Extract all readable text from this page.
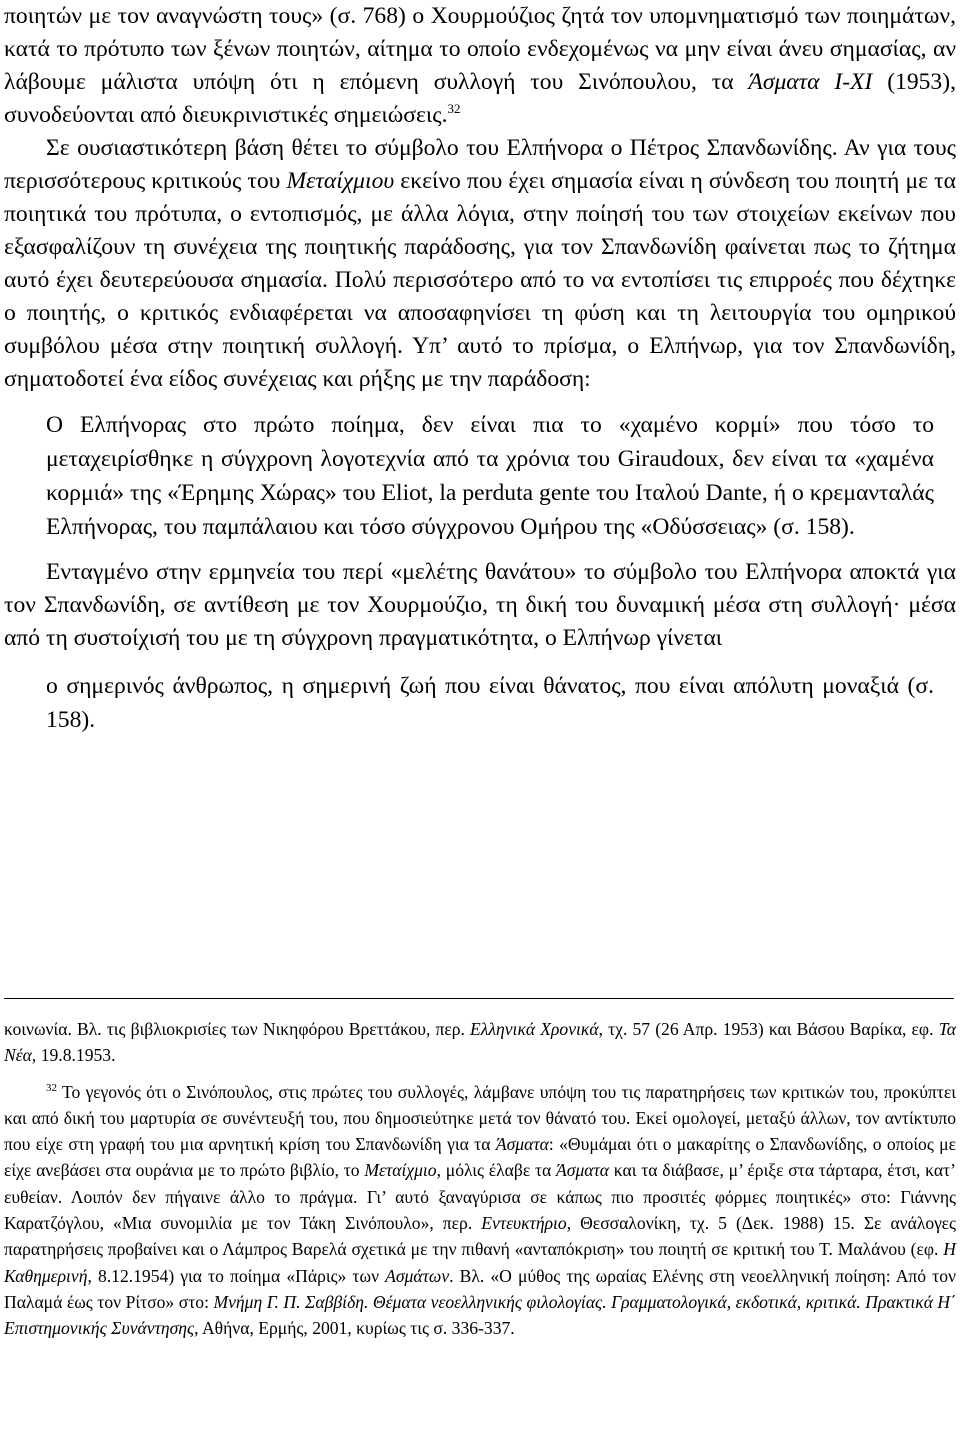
ποιητών με τον αναγνώστη τους» (σ. 768) ο Χουρμούζιος ζητά τον υπομνηματισμό των ποιημάτων, κατά το πρότυπο των ξένων ποιητών, αίτημα το οποίο ενδεχομένως να μην είναι άνευ σημασίας, αν λάβουμε μάλιστα υπόψη ότι η επόμενη συλλογή του Σινόπουλου, τα Άσματα I-XI (1953), συνοδεύονται από διευκρινιστικές σημειώσεις.$^{32}$

Σε ουσιαστικότερη βάση θέτει το σύμβολο του Ελπήνορα ο Πέτρος Σπανδωνίδης. Αν για τους περισσότερους κριτικούς του Μεταίχμιου εκείνο που έχει σημασία είναι η σύνδεση του ποιητή με τα ποιητικά του πρότυπα, ο εντοπισμός, με άλλα λόγια, στην ποίησή του των στοιχείων εκείνων που εξασφαλίζουν τη συνέχεια της ποιητικής παράδοσης, για τον Σπανδωνίδη φαίνεται πως το ζήτημα αυτό έχει δευτερεύουσα σημασία. Πολύ περισσότερο από το να εντοπίσει τις επιρροές που δέχτηκε ο ποιητής, ο κριτικός ενδιαφέρεται να αποσαφηνίσει τη φύση και τη λειτουργία του ομηρικού συμβόλου μέσα στην ποιητική συλλογή. Υπ’ αυτό το πρίσμα, ο Ελπήνωρ, για τον Σπανδωνίδη, σηματοδοτεί ένα είδος συνέχειας και ρήξης με την παράδοση:

Ο Ελπήνορας στο πρώτο ποίημα, δεν είναι πια το «χαμένο κορμί» που τόσο το μεταχειρίσθηκε η σύγχρονη λογοτεχνία από τα χρόνια του Giraudoux, δεν είναι τα «χαμένα κορμιά» της «Έρημης Χώρας» του Eliot, la perduta gente του Ιταλού Dante, ή ο κρεμανταλάς Ελπήνορας, του παμπάλαιου και τόσο σύγχρονου Ομήρου της «Οδύσσειας» (σ. 158).

Ενταγμένο στην ερμηνεία του περί «μελέτης θανάτου» το σύμβολο του Ελπήνορα αποκτά για τον Σπανδωνίδη, σε αντίθεση με τον Χουρμούζιο, τη δική του δυναμική μέσα στη συλλογή· μέσα από τη συστοίχισή του με τη σύγχρονη πραγματικότητα, ο Ελπήνωρ γίνεται

ο σημερινός άνθρωπος, η σημερινή ζωή που είναι θάνατος, που είναι απόλυτη μοναξιά (σ. 158).

κοινωνία. Βλ. τις βιβλιοκρισίες των Νικηφόρου Βρεττάκου, περ. Ελληνικά Χρονικά, τχ. 57 (26 Απρ. 1953) και Βάσου Βαρίκα, εφ. Τα Νέα, 19.8.1953.

$^{32}$ Το γεγονός ότι ο Σινόπουλος, στις πρώτες του συλλογές, λάμβανε υπόψη του τις παρατηρήσεις των κριτικών του, προκύπτει και από δική του μαρτυρία σε συνέντευξή του, που δημοσιεύτηκε μετά τον θάνατό του. Εκεί ομολογεί, μεταξύ άλλων, τον αντίκτυπο που είχε στη γραφή του μια αρνητική κρίση του Σπανδωνίδη για τα Άσματα: «Θυμάμαι ότι ο μακαρίτης ο Σπανδωνίδης, ο οποίος με είχε ανεβάσει στα ουράνια με το πρώτο βιβλίο, το Μεταίχμιο, μόλις έλαβε τα Άσματα και τα διάβασε, μ’ έριξε στα τάρταρα, έτσι, κατ’ ευθείαν. Λοιπόν δεν πήγαινε άλλο το πράγμα. Γι’ αυτό ξαναγύρισα σε κάπως πιο προσιτές φόρμες ποιητικές» στο: Γιάννης Καρατζόγλου, «Μια συνομιλία με τον Τάκη Σινόπουλο», περ. Εντευκτήριο, Θεσσαλονίκη, τχ. 5 (Δεκ. 1988) 15. Σε ανάλογες παρατηρήσεις προβαίνει και ο Λάμπρος Βαρελά σχετικά με την πιθανή «ανταπόκριση» του ποιητή σε κριτική του Τ. Μαλάνου (εφ. Η Καθημερινή, 8.12.1954) για το ποίημα «Πάρις» των Ασμάτων. Βλ. «Ο μύθος της ωραίας Ελένης στη νεοελληνική ποίηση: Από τον Παλαμά έως τον Ρίτσο» στο: Μνήμη Γ. Π. Σαββίδη. Θέματα νεοελληνικής φιλολογίας. Γραμματολογικά, εκδοτικά, κριτικά. Πρακτικά Η΄ Επιστημονικής Συνάντησης, Αθήνα, Ερμής, 2001, κυρίως τις σ. 336-337.
